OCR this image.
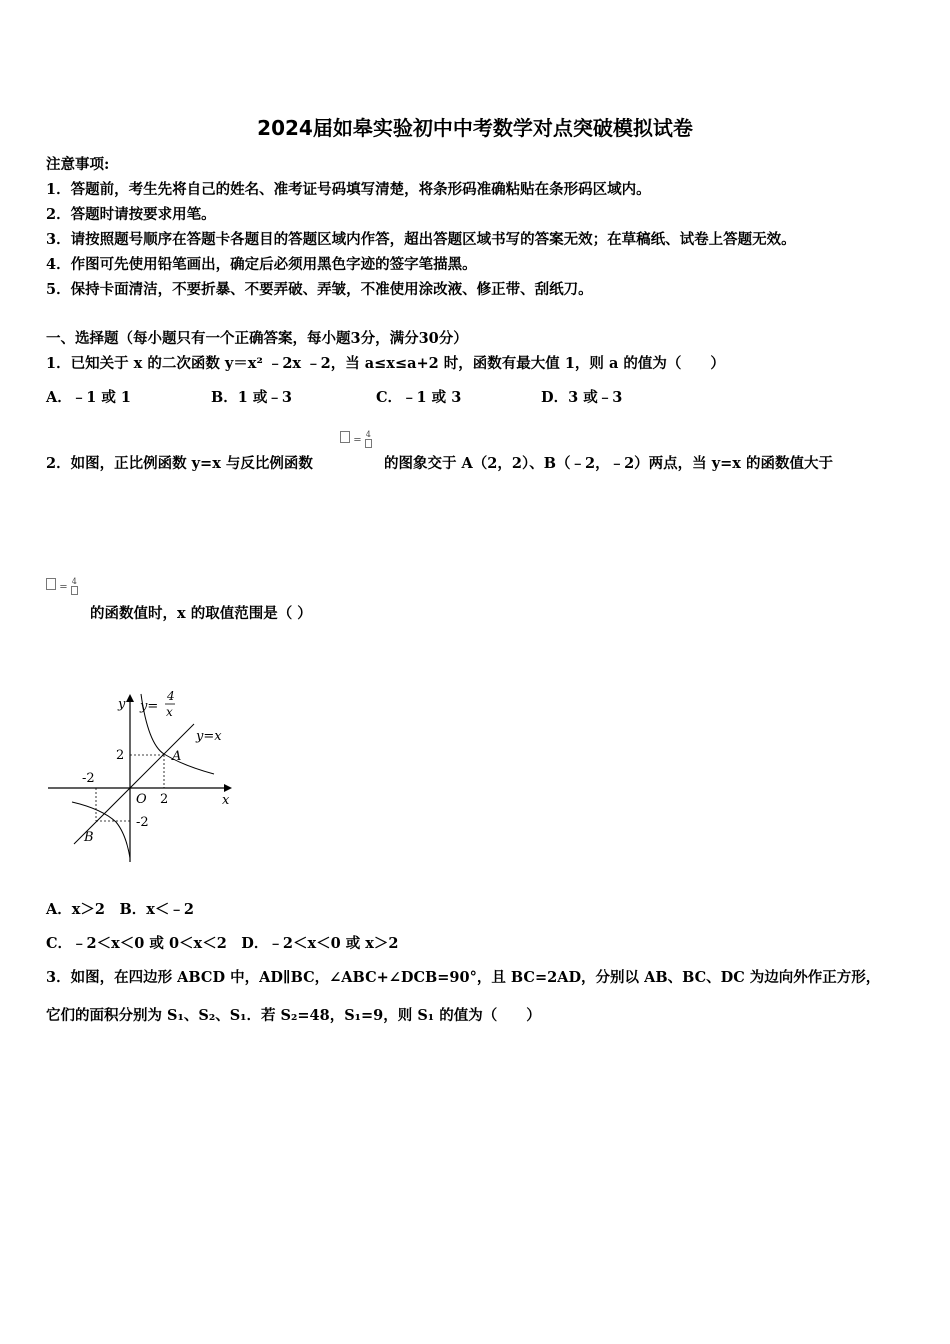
2024届如皋实验初中中考数学对点突破模拟试卷
注意事项:
1．答题前，考生先将自己的姓名、准考证号码填写清楚，将条形码准确粘贴在条形码区域内。
2．答题时请按要求用笔。
3．请按照题号顺序在答题卡各题目的答题区域内作答，超出答题区域书写的答案无效；在草稿纸、试卷上答题无效。
4．作图可先使用铅笔画出，确定后必须用黑色字迹的签字笔描黑。
5．保持卡面清洁，不要折暴、不要弄破、弄皱，不准使用涂改液、修正带、刮纸刀。
一、选择题（每小题只有一个正确答案，每小题3分，满分30分）
1．已知关于 x 的二次函数 y＝x² ﹣2x ﹣2，当 a≤x≤a+2 时，函数有最大值 1，则 a 的值为（　　）
A．﹣1 或 1	B．1 或﹣3	C．﹣1 或 3	D．3 或﹣3
2．如图，正比例函数 y=x 与反比例函数
= 4

的图象交于 A（2，2）、B（﹣2，﹣2）两点，当 y=x 的函数值大于
= 4

的函数值时，x 的取值范围是（ ）
y y=
4
x
y=x
2	A
-2
O 2	x
-2
B
A．x＞2　B．x＜﹣2
C．﹣2＜x＜0 或 0＜x＜2　D．﹣2＜x＜0 或 x＞2
3．如图，在四边形 ABCD 中，AD∥BC，∠ABC+∠DCB=90°，且 BC=2AD，分别以 AB、BC、DC 为边向外作正方形，
它们的面积分别为 S₁、S₂、S₁．若 S₂=48，S₁=9，则 S₁ 的值为（　　）
